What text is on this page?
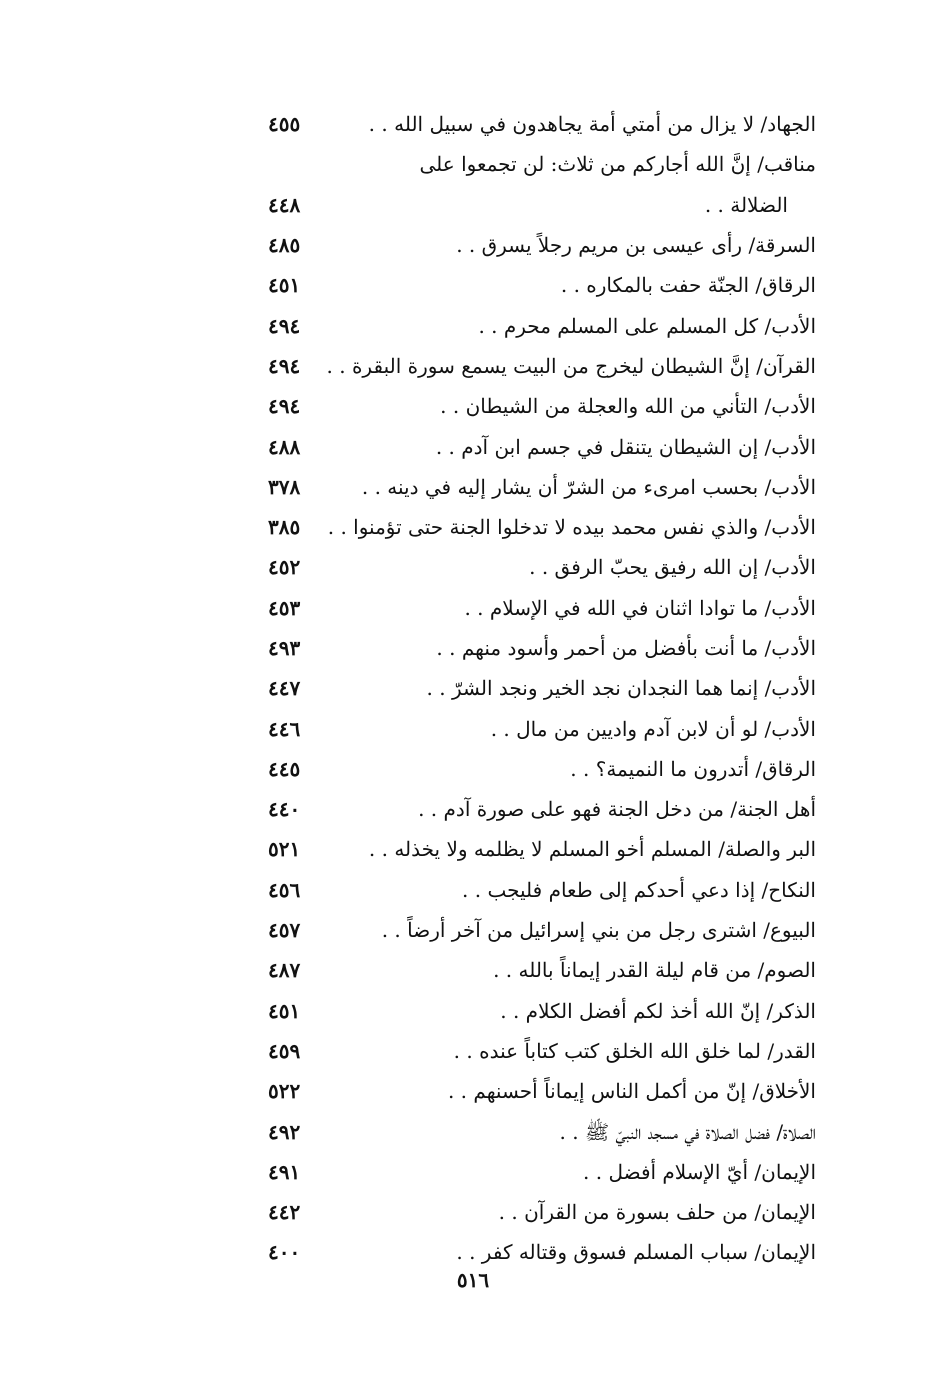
الجهاد/ لا يزال من أمتي أمة يجاهدون في سبيل الله . .
٤٥٥
مناقب/ إنَّ الله أجاركم من ثلاث: لن تجمعوا على
الضلالة . .
٤٤٨
السرقة/ رأى عيسى بن مريم رجلاً يسرق . .
٤٨٥
الرقاق/ الجنّة حفت بالمكاره . .
٤٥١
الأدب/ كل المسلم على المسلم محرم . .
٤٩٤
القرآن/ إنَّ الشيطان ليخرج من البيت يسمع سورة البقرة . .
٤٩٤
الأدب/ التأني من الله والعجلة من الشيطان . .
٤٩٤
الأدب/ إن الشيطان يتنقل في جسم ابن آدم . .
٤٨٨
الأدب/ بحسب امرىء من الشرّ أن يشار إليه في دينه . .
٣٧٨
الأدب/ والذي نفس محمد بيده لا تدخلوا الجنة حتى تؤمنوا . .
٣٨٥
الأدب/ إن الله رفيق يحبّ الرفق . .
٤٥٢
الأدب/ ما توادا اثنان في الله في الإسلام . .
٤٥٣
الأدب/ ما أنت بأفضل من أحمر وأسود منهم . .
٤٩٣
الأدب/ إنما هما النجدان نجد الخير ونجد الشرّ . .
٤٤٧
الأدب/ لو أن لابن آدم واديين من مال . .
٤٤٦
الرقاق/ أتدرون ما النميمة؟ . .
٤٤٥
أهل الجنة/ من دخل الجنة فهو على صورة آدم . .
٤٤٠
البر والصلة/ المسلم أخو المسلم لا يظلمه ولا يخذله . .
٥٢١
النكاح/ إذا دعي أحدكم إلى طعام فليجب . .
٤٥٦
البيوع/ اشترى رجل من بني إسرائيل من آخر أرضاً . .
٤٥٧
الصوم/ من قام ليلة القدر إيماناً بالله . .
٤٨٧
الذكر/ إنّ الله أخذ لكم أفضل الكلام . .
٤٥١
القدر/ لما خلق الله الخلق كتب كتاباً عنده . .
٤٥٩
الأخلاق/ إنّ من أكمل الناس إيماناً أحسنهم . .
٥٢٢
الصلاة/ فضل الصلاة في مسجد النبيّ ﷺ . .
٤٩٢
الإيمان/ أيّ الإسلام أفضل . .
٤٩١
الإيمان/ من حلف بسورة من القرآن . .
٤٤٢
الإيمان/ سباب المسلم فسوق وقتاله كفر . .
٤٠٠
٥١٦
